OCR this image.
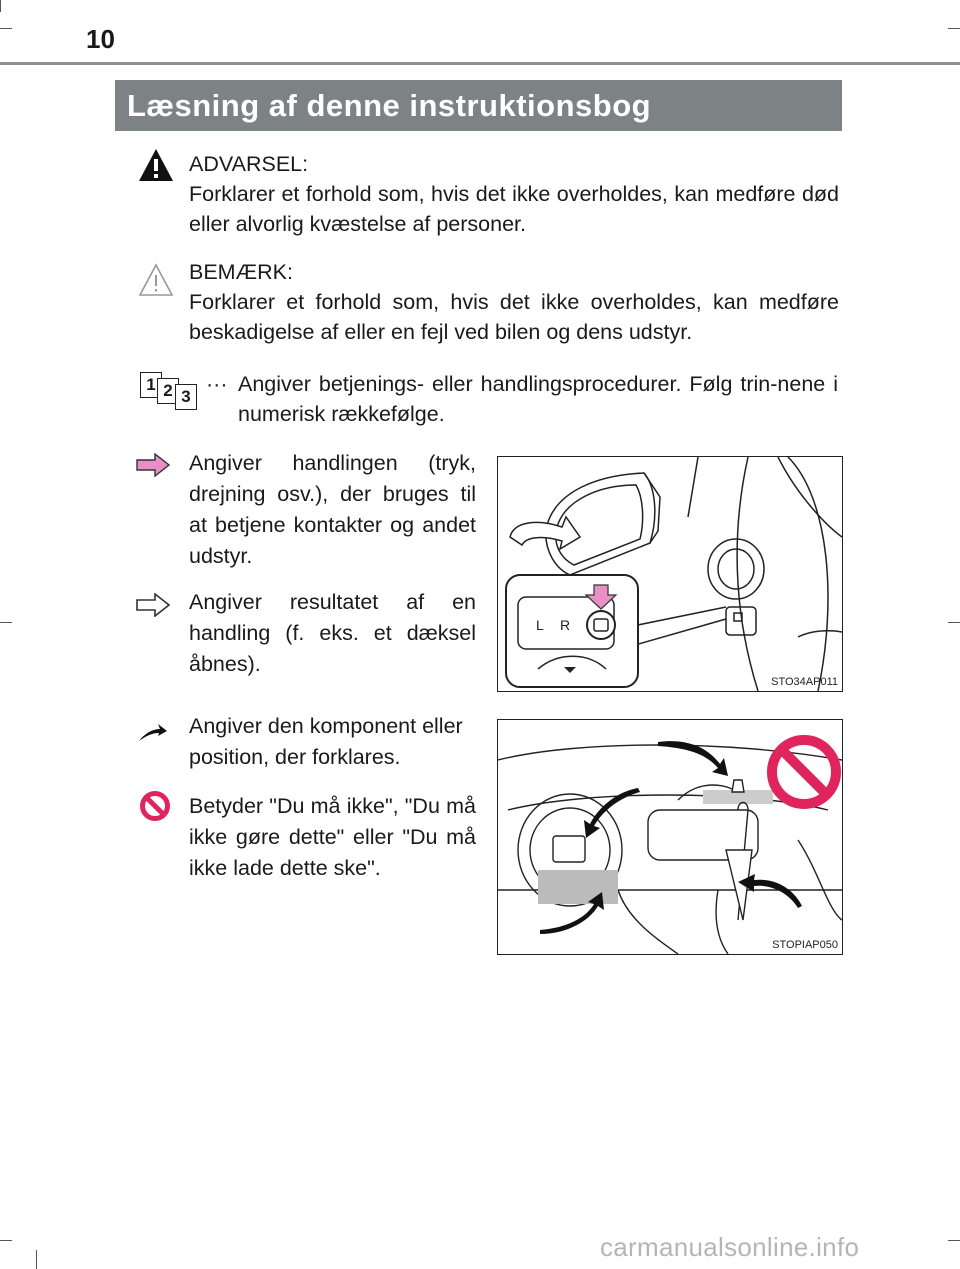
10
Læsning af denne instruktionsbog

ADVARSEL:

Forklarer et forhold som, hvis det ikke overholdes, kan medføre død eller alvorlig kvæstelse af personer.

BEMÆRK:

Forklarer et forhold som, hvis det ikke overholdes, kan medføre beskadigelse af eller en fejl ved bilen og dens udstyr.

1 2 3
··· Angiver betjenings- eller handlingsprocedurer. Følg trin-nene i numerisk rækkefølge.
Angiver handlingen (tryk, drejning osv.), der bruges til at betjene kontakter og andet udstyr.
Angiver resultatet af en handling (f. eks. et dæksel åbnes).
L R
STO34AP011
Angiver den komponent eller position, der forklares.
Betyder "Du må ikke", "Du må ikke gøre dette" eller "Du må ikke lade dette ske".
STOPIAP050
carmanualsonline.info
